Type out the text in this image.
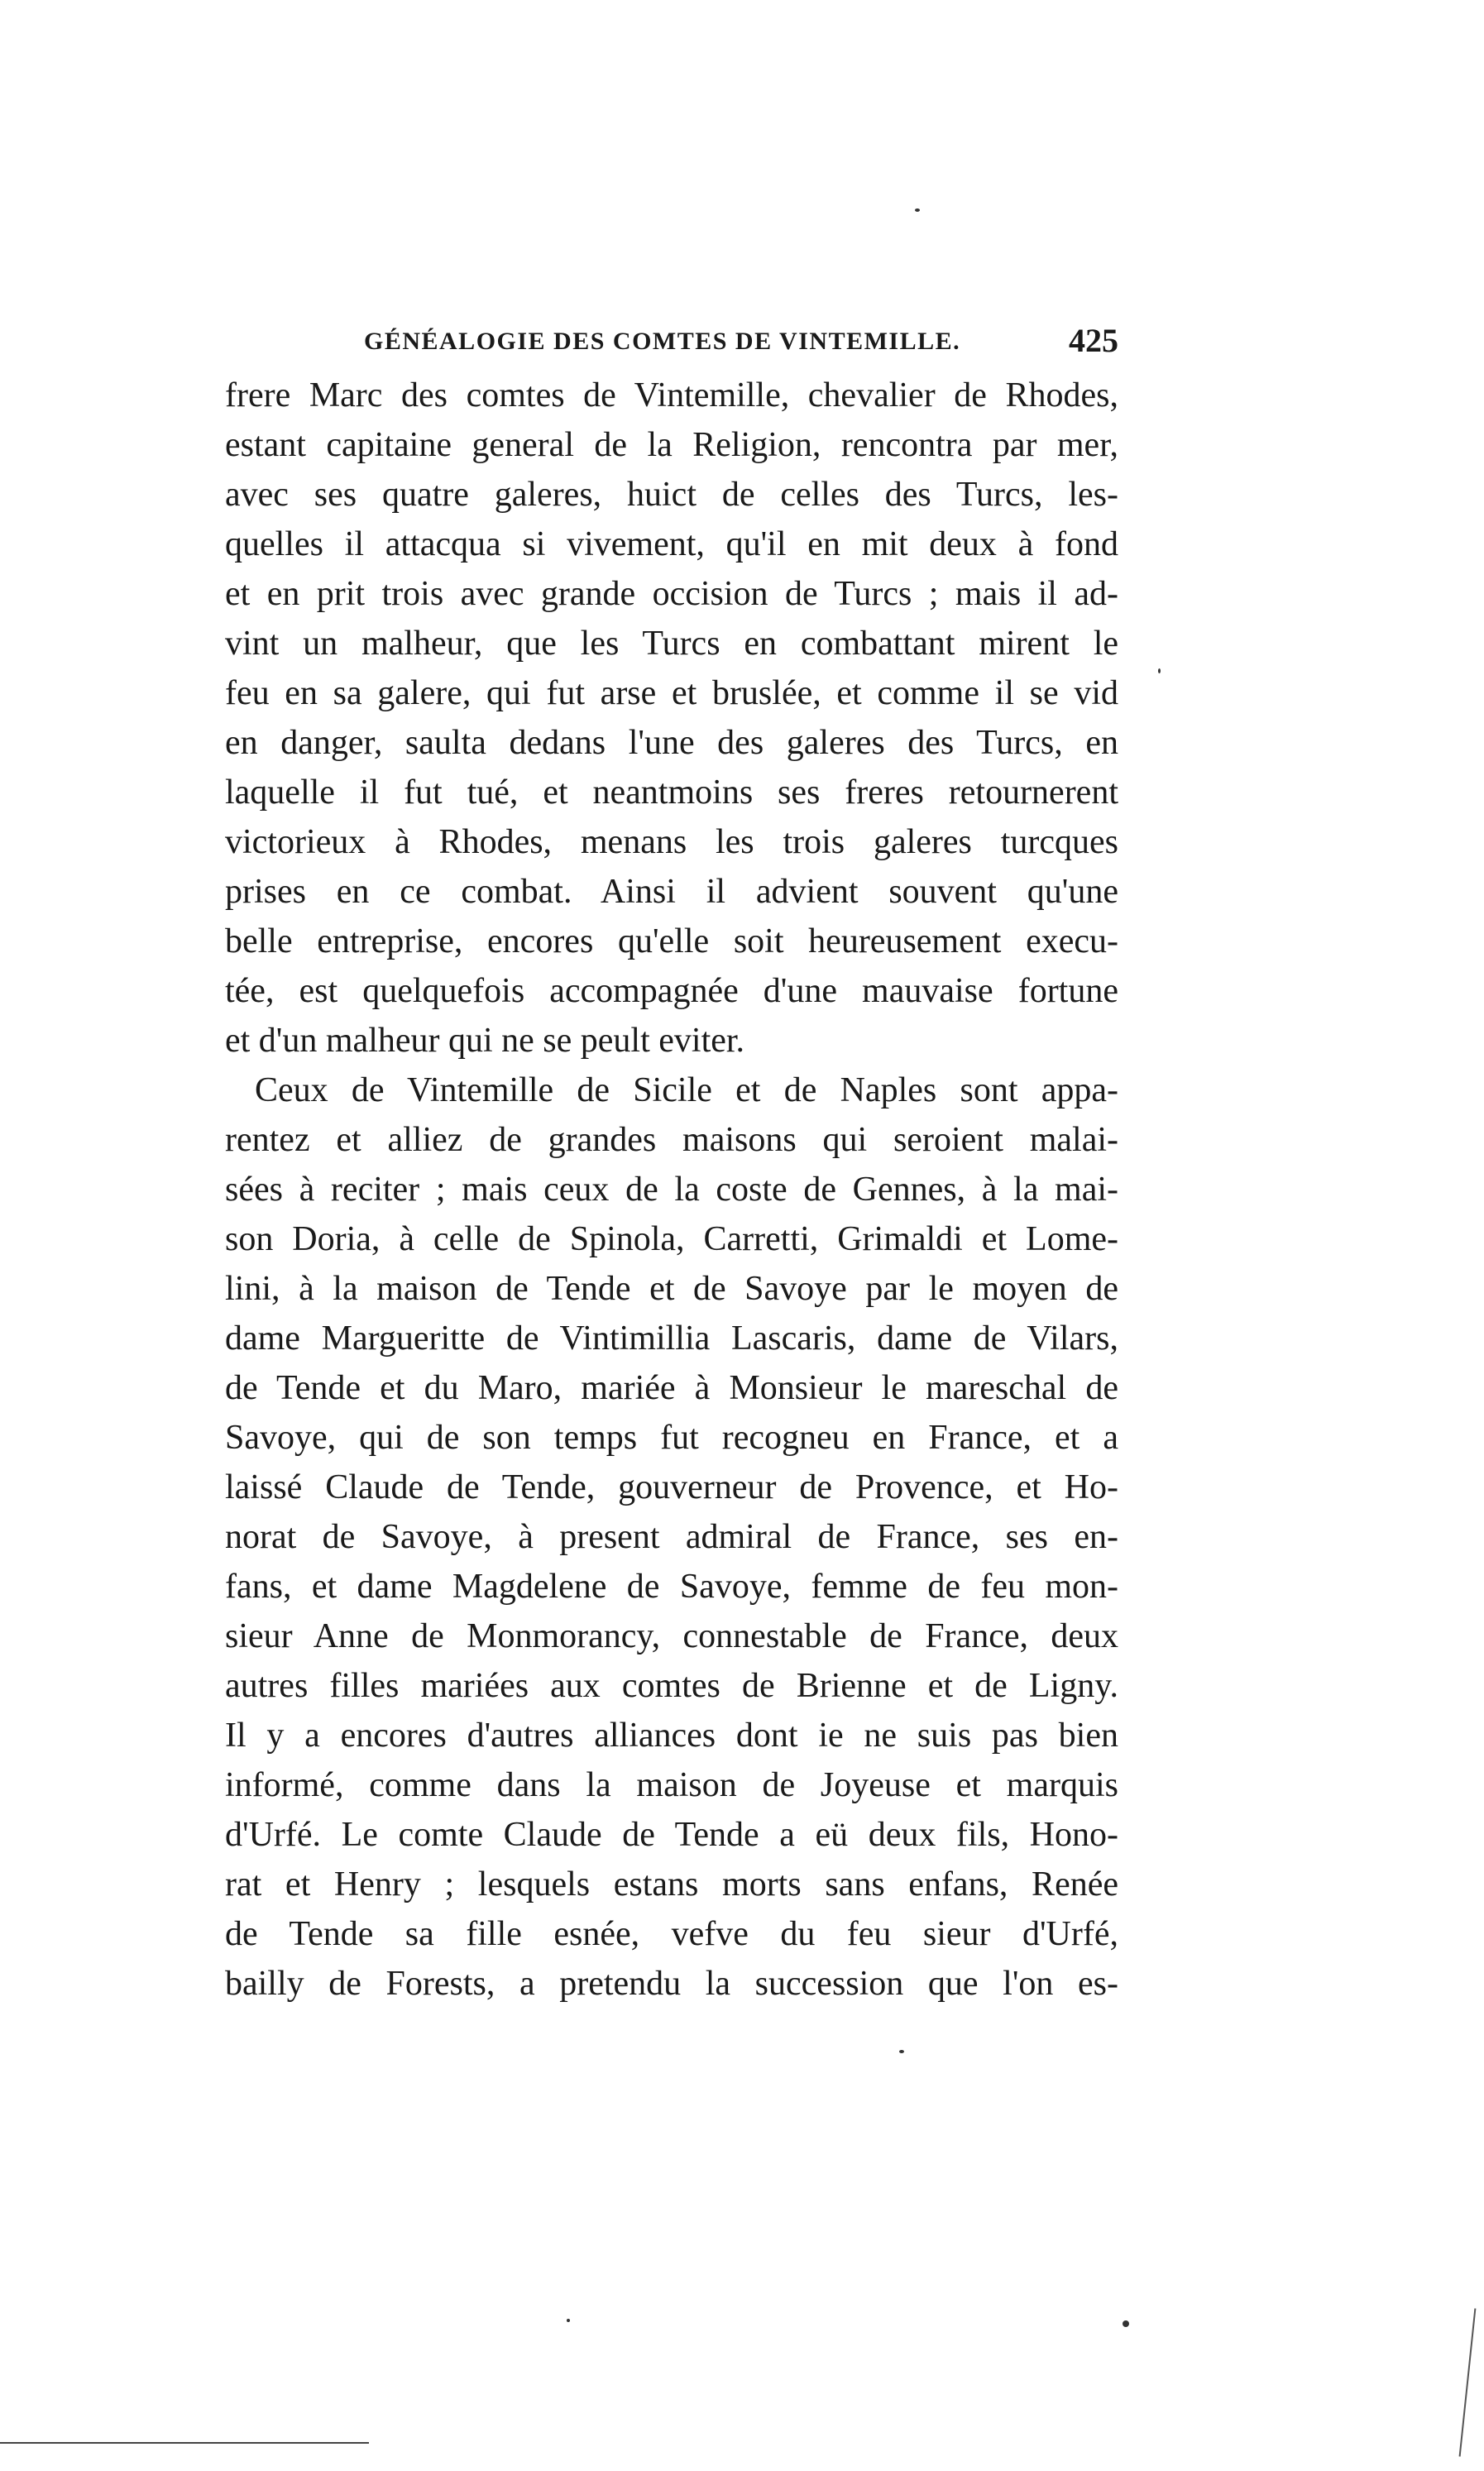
GÉNÉALOGIE DES COMTES DE VINTEMILLE.	425
frere Marc des comtes de Vintemille, chevalier de Rhodes,
estant capitaine general de la Religion, rencontra par mer,
avec ses quatre galeres, huict de celles des Turcs, les-
quelles il attacqua si vivement, qu'il en mit deux à fond
et en prit trois avec grande occision de Turcs ; mais il ad-
vint un malheur, que les Turcs en combattant mirent le
feu en sa galere, qui fut arse et bruslée, et comme il se vid
en danger, saulta dedans l'une des galeres des Turcs, en
laquelle il fut tué, et neantmoins ses freres retournerent
victorieux à Rhodes, menans les trois galeres turcques
prises en ce combat. Ainsi il advient souvent qu'une
belle entreprise, encores qu'elle soit heureusement execu-
tée, est quelquefois accompagnée d'une mauvaise fortune
et d'un malheur qui ne se peult eviter.
Ceux de Vintemille de Sicile et de Naples sont appa-
rentez et alliez de grandes maisons qui seroient malai-
sées à reciter ; mais ceux de la coste de Gennes, à la mai-
son Doria, à celle de Spinola, Carretti, Grimaldi et Lome-
lini, à la maison de Tende et de Savoye par le moyen de
dame Margueritte de Vintimillia Lascaris, dame de Vilars,
de Tende et du Maro, mariée à Monsieur le mareschal de
Savoye, qui de son temps fut recogneu en France, et a
laissé Claude de Tende, gouverneur de Provence, et Ho-
norat de Savoye, à present admiral de France, ses en-
fans, et dame Magdelene de Savoye, femme de feu mon-
sieur Anne de Monmorancy, connestable de France, deux
autres filles mariées aux comtes de Brienne et de Ligny.
Il y a encores d'autres alliances dont ie ne suis pas bien
informé, comme dans la maison de Joyeuse et marquis
d'Urfé. Le comte Claude de Tende a eü deux fils, Hono-
rat et Henry ; lesquels estans morts sans enfans, Renée
de Tende sa fille esnée, vefve du feu sieur d'Urfé,
bailly de Forests, a pretendu la succession que l'on es-
